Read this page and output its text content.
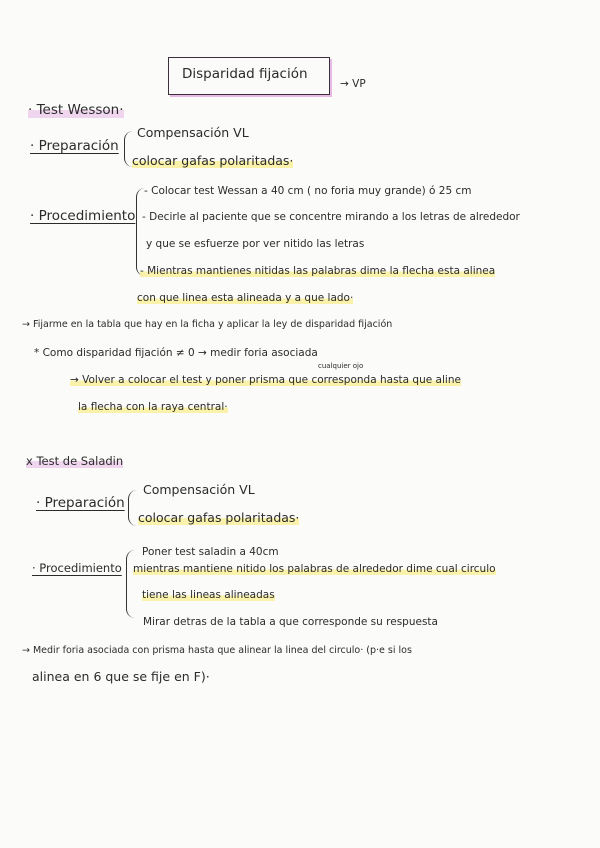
Disparidad fijación
→ VP
· Test Wesson·
· Preparación
Compensación VL
colocar gafas polaritadas·
· Procedimiento
- Colocar test Wessan a 40 cm ( no foria muy grande) ó 25 cm
- Decirle al paciente que se concentre mirando a los letras de alrededor
y que se esfuerze por ver nitido las letras
- Mientras mantienes nitidas las palabras dime la flecha esta alinea
con que linea esta alineada y a que lado·
→ Fijarme en la tabla que hay en la ficha y aplicar la ley de disparidad fijación
* Como disparidad fijación ≠ 0 → medir foria asociada
cualquier ojo
→ Volver a colocar el test y poner prisma que corresponda hasta que aline
la flecha con la raya central·
x Test de Saladin
· Preparación
Compensación VL
colocar gafas polaritadas·
· Procedimiento
Poner test saladin a 40cm
mientras mantiene nitido los palabras de alrededor dime cual circulo
tiene las lineas alineadas
Mirar detras de la tabla a que corresponde su respuesta
→ Medir foria asociada con prisma hasta que alinear la linea del circulo· (p·e si los
alinea en 6 que se fije en F)·
